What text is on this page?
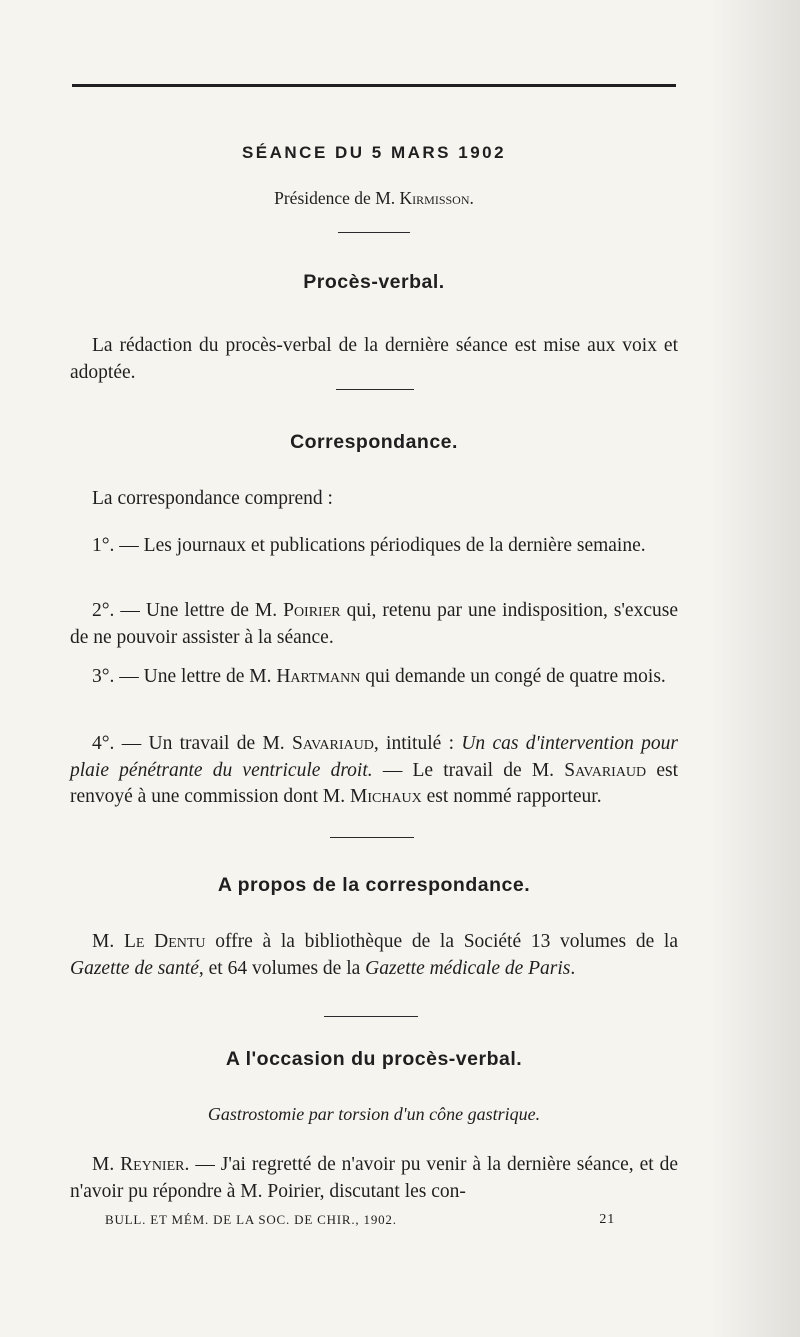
SÉANCE DU 5 MARS 1902

Présidence de M. Kirmisson.

Procès-verbal.

La rédaction du procès-verbal de la dernière séance est mise aux voix et adoptée.

Correspondance.

La correspondance comprend :

1°. — Les journaux et publications périodiques de la dernière semaine.

2°. — Une lettre de M. Poirier qui, retenu par une indisposition, s'excuse de ne pouvoir assister à la séance.

3°. — Une lettre de M. Hartmann qui demande un congé de quatre mois.

4°. — Un travail de M. Savariaud, intitulé : Un cas d'intervention pour plaie pénétrante du ventricule droit. — Le travail de M. Savariaud est renvoyé à une commission dont M. Michaux est nommé rapporteur.

A propos de la correspondance.

M. Le Dentu offre à la bibliothèque de la Société 13 volumes de la Gazette de santé, et 64 volumes de la Gazette médicale de Paris.

A l'occasion du procès-verbal.

Gastrostomie par torsion d'un cône gastrique.

M. Reynier. — J'ai regretté de n'avoir pu venir à la dernière séance, et de n'avoir pu répondre à M. Poirier, discutant les con-

BULL. ET MÉM. DE LA SOC. DE CHIR., 1902.	21
